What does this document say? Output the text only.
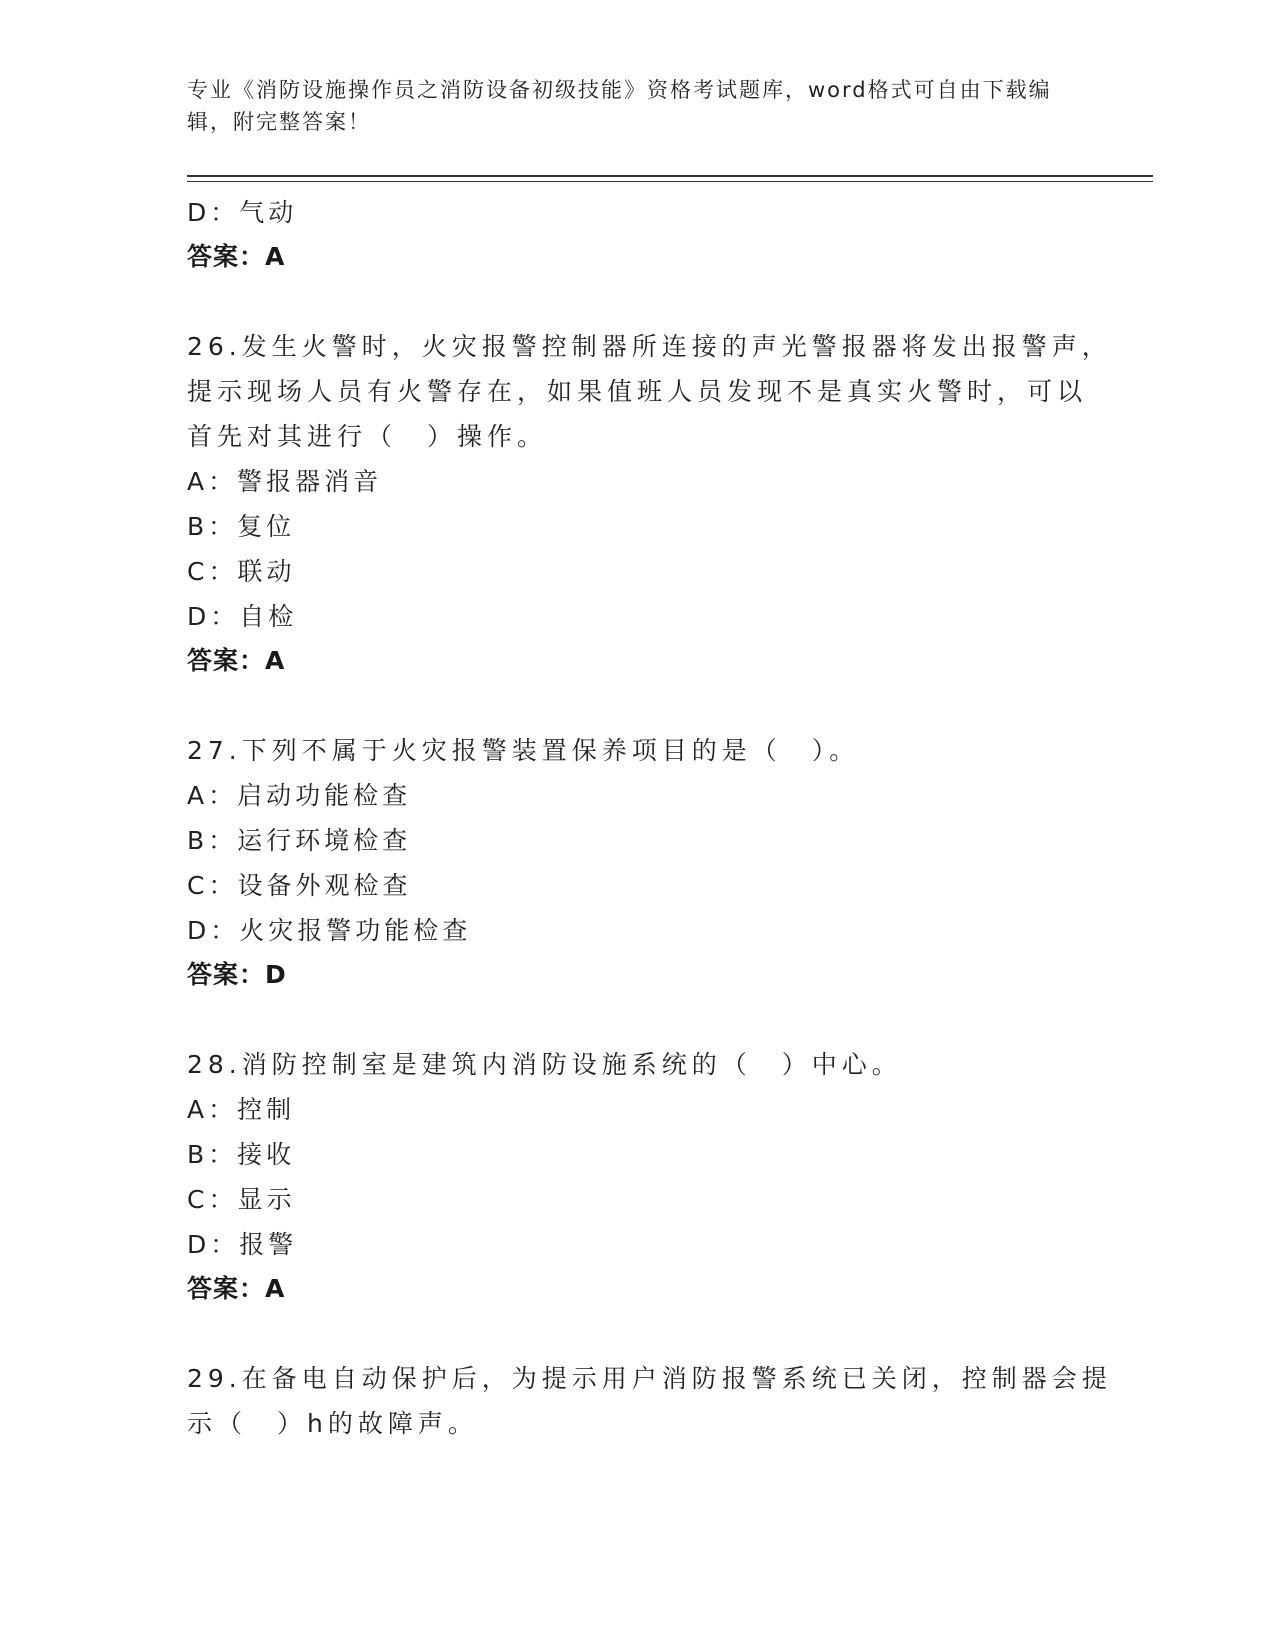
专业《消防设施操作员之消防设备初级技能》资格考试题库，word格式可自由下载编辑，附完整答案！
D：气动
答案：A
26.发生火警时，火灾报警控制器所连接的声光警报器将发出报警声，
提示现场人员有火警存在，如果值班人员发现不是真实火警时，可以
首先对其进行（　）操作。
A：警报器消音
B：复位
C：联动
D：自检
答案：A
27.下列不属于火灾报警装置保养项目的是（　）。
A：启动功能检查
B：运行环境检查
C：设备外观检查
D：火灾报警功能检查
答案：D
28.消防控制室是建筑内消防设施系统的（　）中心。
A：控制
B：接收
C：显示
D：报警
答案：A
29.在备电自动保护后，为提示用户消防报警系统已关闭，控制器会提
示（　）h的故障声。
